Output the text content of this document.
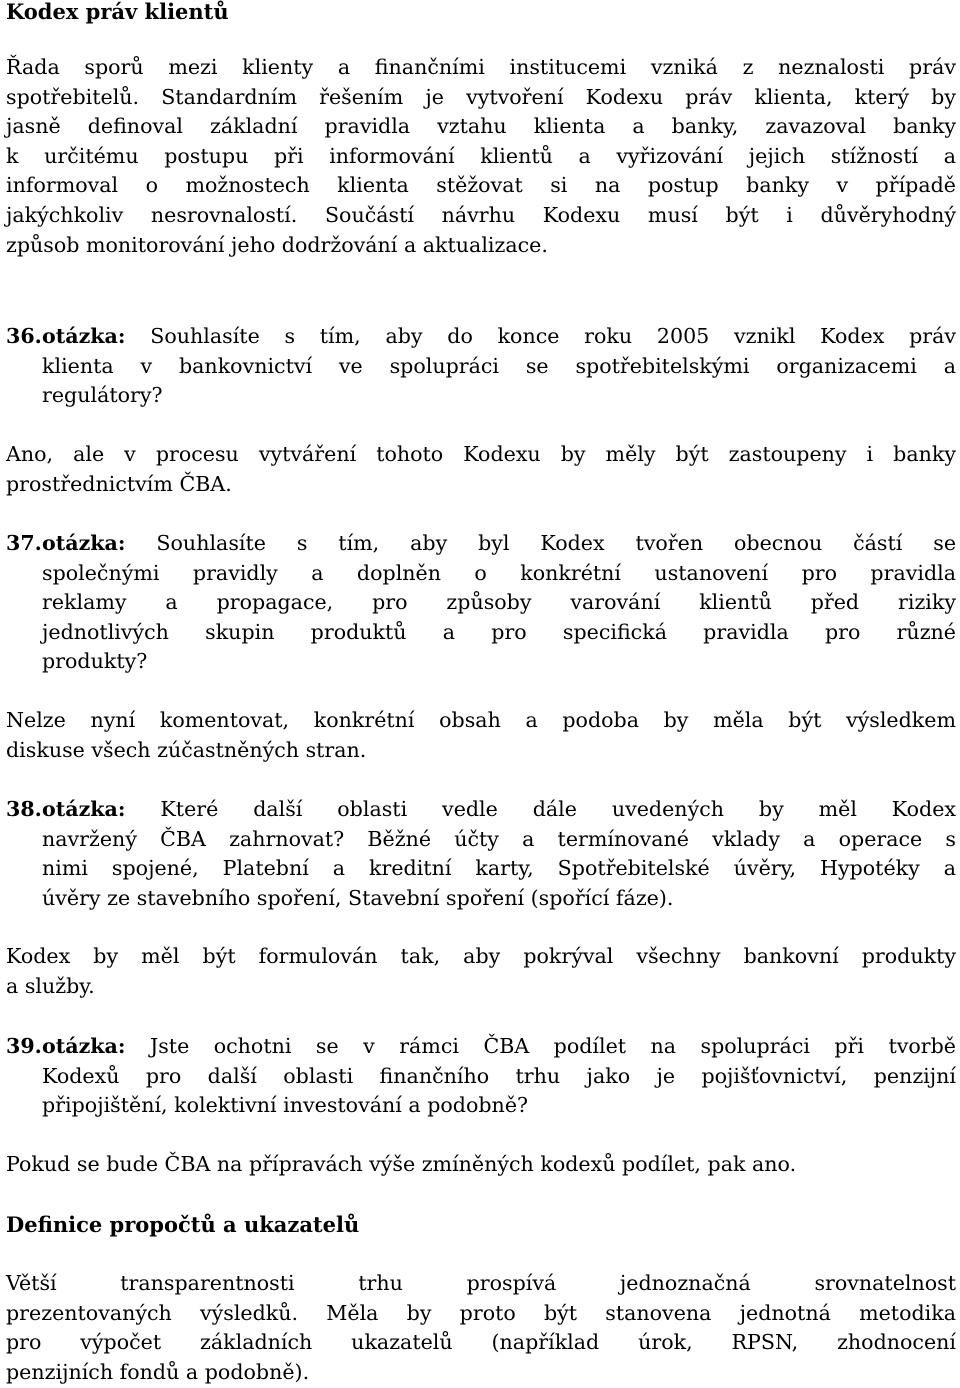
Kodex práv klientů
Řada sporů mezi klienty a finančními institucemi vzniká z neznalosti práv
spotřebitelů. Standardním řešením je vytvoření Kodexu práv klienta, který by
jasně definoval základní pravidla vztahu klienta a banky, zavazoval banky
k určitému postupu při informování klientů a vyřizování jejich stížností a
informoval o možnostech klienta stěžovat si na postup banky v případě
jakýchkoliv nesrovnalostí. Součástí návrhu Kodexu musí být i důvěryhodný
způsob monitorování jeho dodržování a aktualizace.
36.otázka: Souhlasíte s tím, aby do konce roku 2005 vznikl Kodex práv
klienta v bankovnictví ve spolupráci se spotřebitelskými organizacemi a
regulátory?
Ano, ale v procesu vytváření tohoto Kodexu by měly být zastoupeny i banky
prostřednictvím ČBA.
37.otázka: Souhlasíte s tím, aby byl Kodex tvořen obecnou částí se
společnými pravidly a doplněn o konkrétní ustanovení pro pravidla
reklamy a propagace, pro způsoby varování klientů před riziky
jednotlivých skupin produktů a pro specifická pravidla pro různé
produkty?
Nelze nyní komentovat, konkrétní obsah a podoba by měla být výsledkem
diskuse všech zúčastněných stran.
38.otázka: Které další oblasti vedle dále uvedených by měl Kodex
navržený ČBA zahrnovat? Běžné účty a termínované vklady a operace s
nimi spojené, Platební a kreditní karty, Spotřebitelské úvěry, Hypotéky a
úvěry ze stavebního spoření, Stavební spoření (spořící fáze).
Kodex by měl být formulován tak, aby pokrýval všechny bankovní produkty
a služby.
39.otázka: Jste ochotni se v rámci ČBA podílet na spolupráci při tvorbě
Kodexů pro další oblasti finančního trhu jako je pojišťovnictví, penzijní
připojištění, kolektivní investování a podobně?
Pokud se bude ČBA na přípravách výše zmíněných kodexů podílet, pak ano.
Definice propočtů a ukazatelů
Větší transparentnosti trhu prospívá jednoznačná srovnatelnost
prezentovaných výsledků. Měla by proto být stanovena jednotná metodika
pro výpočet základních ukazatelů (například úrok, RPSN, zhodnocení
penzijních fondů a podobně).
